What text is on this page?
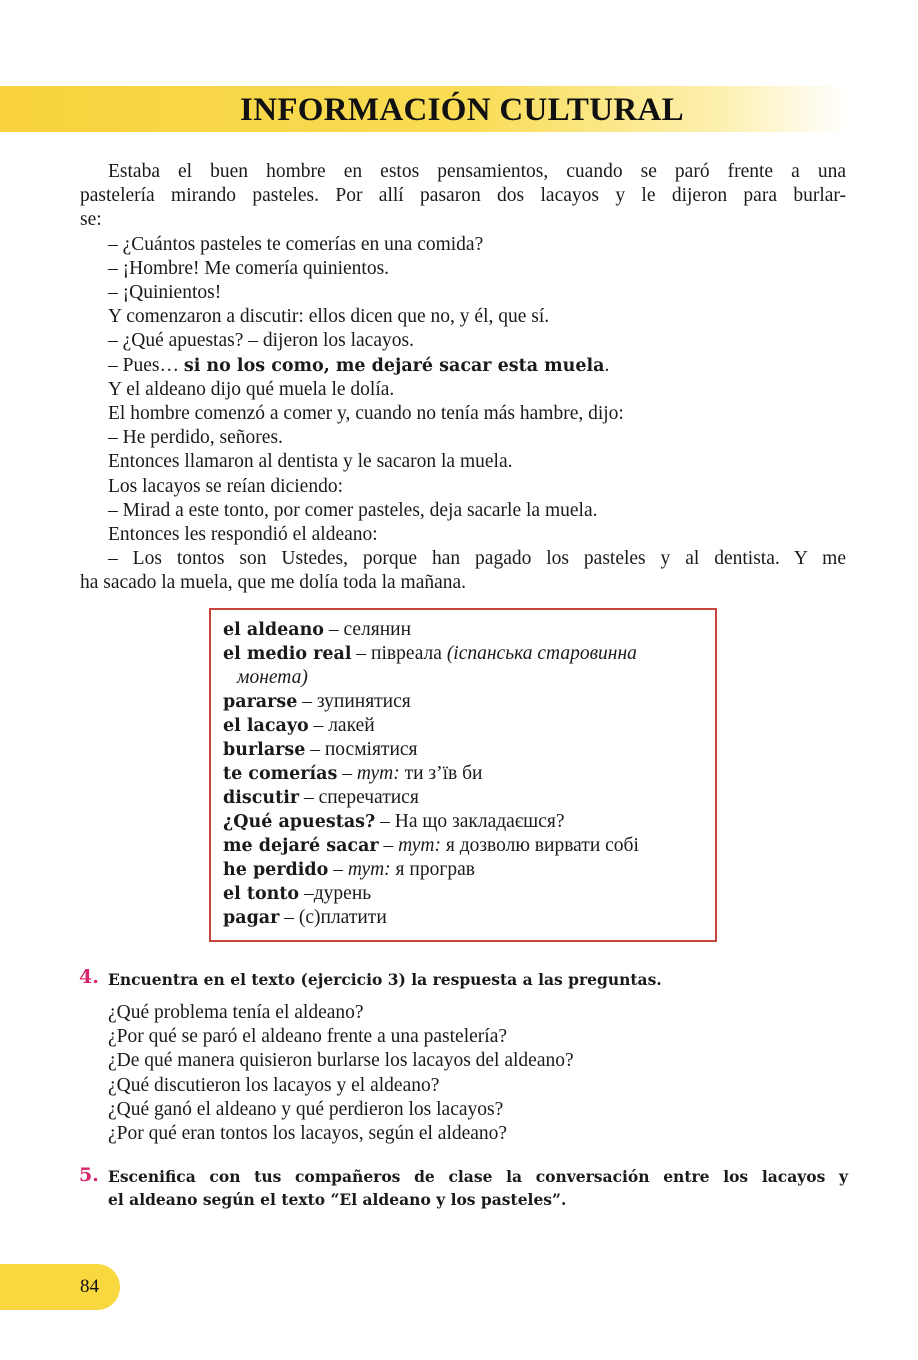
INFORMACIÓN CULTURAL

Estaba el buen hombre en estos pensamientos, cuando se paró frente a una

pastelería mirando pasteles. Por allí pasaron dos lacayos y le dijeron para burlar-

se:

– ¿Cuántos pasteles te comerías en una comida?

– ¡Hombre! Me comería quinientos.

– ¡Quinientos!

Y comenzaron a discutir: ellos dicen que no, y él, que sí.

– ¿Qué apuestas? – dijeron los lacayos.

– Pues… si no los como, me dejaré sacar esta muela.

Y el aldeano dijo qué muela le dolía.

El hombre comenzó a comer y, cuando no tenía más hambre, dijo:

– He perdido, señores.

Entonces llamaron al dentista y le sacaron la muela.

Los lacayos se reían diciendo:

– Mirad a este tonto, por comer pasteles, deja sacarle la muela.

Entonces les respondió el aldeano:

– Los tontos son Ustedes, porque han pagado los pasteles y al dentista. Y me

ha sacado la muela, que me dolía toda la mañana.

el aldeano – селянин
el medio real – півреала (іспанська старовинна
монета)
pararse – зупинятися
el lacayo – лакей
burlarse – посміятися
te comerías – тут: ти з’їв би
discutir – сперечатися
¿Qué apuestas? – На що закладаєшся?
me dejaré sacar – тут: я дозволю вирвати собі
he perdido – тут: я програв
el tonto –дурень
pagar – (с)платити
4. Encuentra en el texto (ejercicio 3) la respuesta a las preguntas.
¿Qué problema tenía el aldeano?
¿Por qué se paró el aldeano frente a una pastelería?
¿De qué manera quisieron burlarse los lacayos del aldeano?
¿Qué discutieron los lacayos y el aldeano?
¿Qué ganó el aldeano y qué perdieron los lacayos?
¿Por qué eran tontos los lacayos, según el aldeano?
5. Escenifica con tus compañeros de clase la conversación entre los lacayos y
el aldeano según el texto “El aldeano y los pasteles”.
84
